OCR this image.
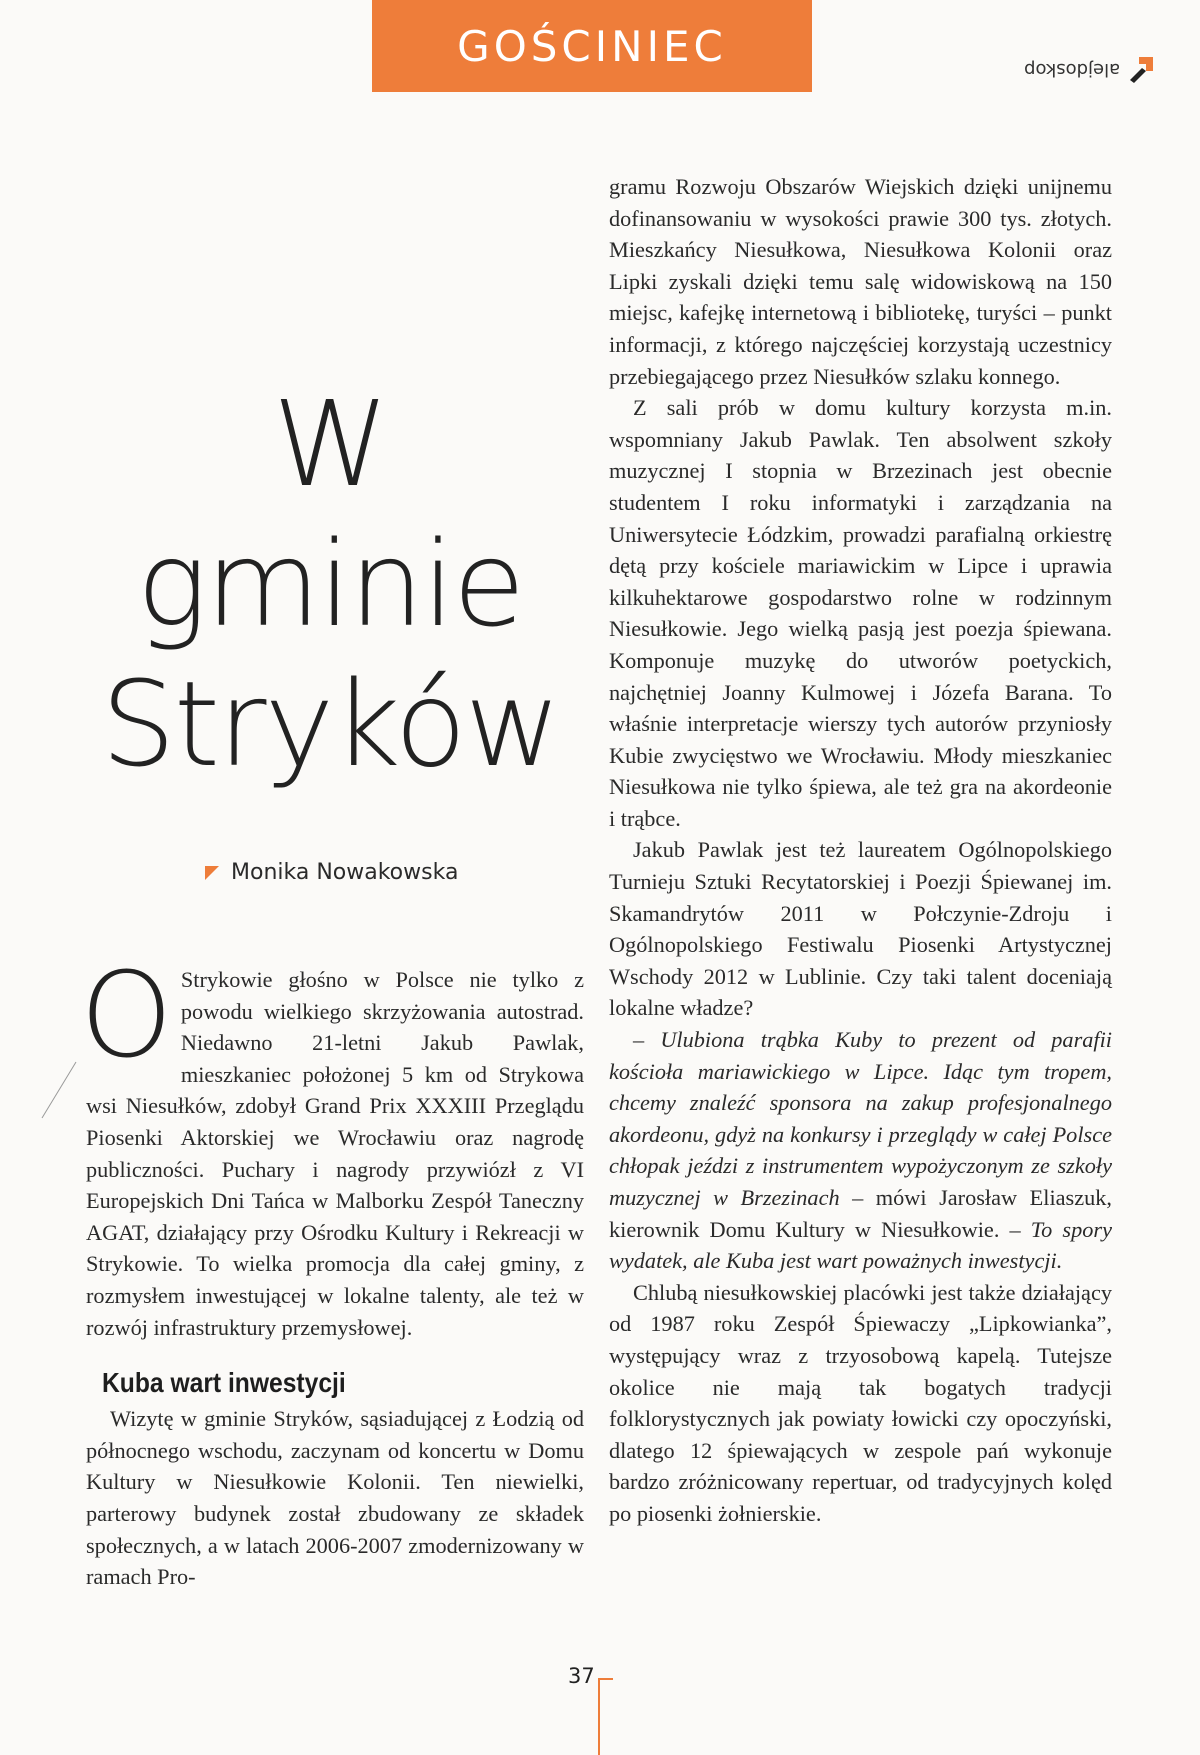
GOŚCINIEC	alejdoskop
W
gminie
Stryków
Monika Nowakowska

O Strykowie głośno w Polsce nie tylko z powodu wielkiego skrzyżowania autostrad. Niedawno 21-letni Jakub Pawlak, mieszkaniec położonej 5 km od Strykowa wsi Niesułków, zdobył Grand Prix XXXIII Przeglądu Piosenki Aktorskiej we Wrocławiu oraz nagrodę publiczności. Puchary i nagrody przywiózł z VI Europejskich Dni Tańca w Malborku Zespół Taneczny AGAT, działający przy Ośrodku Kultury i Rekreacji w Strykowie. To wielka promocja dla całej gminy, z rozmysłem inwestującej w lokalne talenty, ale też w rozwój infrastruktury przemysłowej.

Kuba wart inwestycji

Wizytę w gminie Stryków, sąsiadującej z Łodzią od północnego wschodu, zaczynam od koncertu w Domu Kultury w Niesułkowie Kolonii. Ten niewielki, parterowy budynek został zbudowany ze składek społecznych, a w latach 2006-2007 zmodernizowany w ramach Pro-

gramu Rozwoju Obszarów Wiejskich dzięki unijnemu dofinansowaniu w wysokości prawie 300 tys. złotych. Mieszkańcy Niesułkowa, Niesułkowa Kolonii oraz Lipki zyskali dzięki temu salę widowiskową na 150 miejsc, kafejkę internetową i bibliotekę, turyści – punkt informacji, z którego najczęściej korzystają uczestnicy przebiegającego przez Niesułków szlaku konnego.

Z sali prób w domu kultury korzysta m.in. wspomniany Jakub Pawlak. Ten absolwent szkoły muzycznej I stopnia w Brzezinach jest obecnie studentem I roku informatyki i zarządzania na Uniwersytecie Łódzkim, prowadzi parafialną orkiestrę dętą przy kościele mariawickim w Lipce i uprawia kilkuhektarowe gospodarstwo rolne w rodzinnym Niesułkowie. Jego wielką pasją jest poezja śpiewana. Komponuje muzykę do utworów poetyckich, najchętniej Joanny Kulmowej i Józefa Barana. To właśnie interpretacje wierszy tych autorów przyniosły Kubie zwycięstwo we Wrocławiu. Młody mieszkaniec Niesułkowa nie tylko śpiewa, ale też gra na akordeonie i trąbce.

Jakub Pawlak jest też laureatem Ogólnopolskiego Turnieju Sztuki Recytatorskiej i Poezji Śpiewanej im. Skamandrytów 2011 w Połczynie-Zdroju i Ogólnopolskiego Festiwalu Piosenki Artystycznej Wschody 2012 w Lublinie. Czy taki talent doceniają lokalne władze?

– Ulubiona trąbka Kuby to prezent od parafii kościoła mariawickiego w Lipce. Idąc tym tropem, chcemy znaleźć sponsora na zakup profesjonalnego akordeonu, gdyż na konkursy i przeglądy w całej Polsce chłopak jeździ z instrumentem wypożyczonym ze szkoły muzycznej w Brzezinach – mówi Jarosław Eliaszuk, kierownik Domu Kultury w Niesułkowie. – To spory wydatek, ale Kuba jest wart poważnych inwestycji.

Chlubą niesułkowskiej placówki jest także działający od 1987 roku Zespół Śpiewaczy „Lipkowianka”, występujący wraz z trzyosobową kapelą. Tutejsze okolice nie mają tak bogatych tradycji folklorystycznych jak powiaty łowicki czy opoczyński, dlatego 12 śpiewających w zespole pań wykonuje bardzo zróżnicowany repertuar, od tradycyjnych kolęd po piosenki żołnierskie.

37
